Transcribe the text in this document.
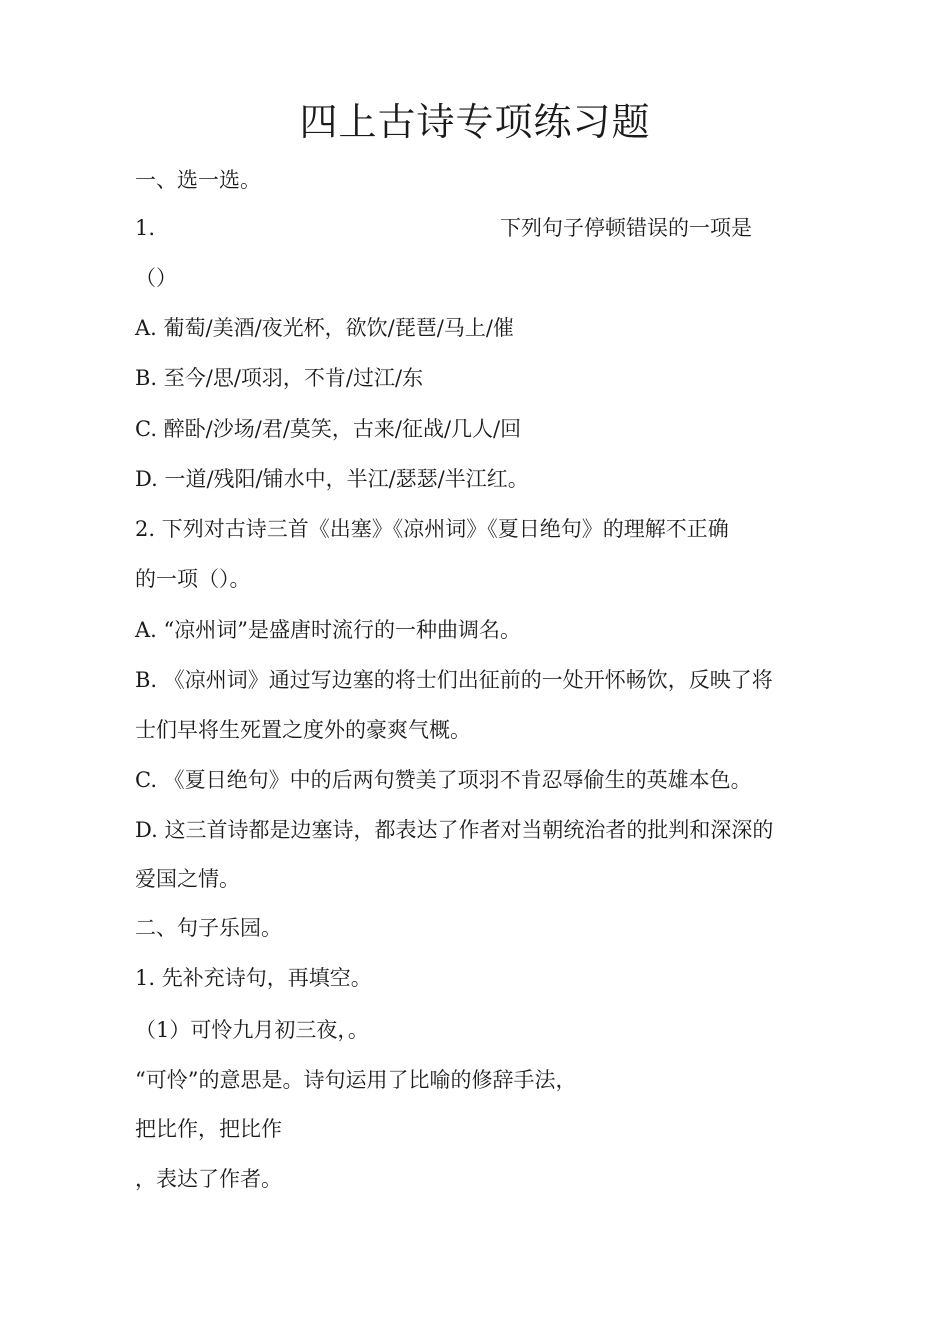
四上古诗专项练习题
一、选一选。
1.	下列句子停顿错误的一项是
（）
A. 葡萄/美酒/夜光杯，欲饮/琵琶/马上/催
B. 至今/思/项羽，不肯/过江/东
C. 醉卧/沙场/君/莫笑，古来/征战/几人/回
D. 一道/残阳/铺水中，半江/瑟瑟/半江红。
2. 下列对古诗三首《出塞》《凉州词》《夏日绝句》的理解不正确
的一项（）。
A. “凉州词”是盛唐时流行的一种曲调名。
B. 《凉州词》通过写边塞的将士们出征前的一处开怀畅饮，反映了将
士们早将生死置之度外的豪爽气概。
C. 《夏日绝句》中的后两句赞美了项羽不肯忍辱偷生的英雄本色。
D. 这三首诗都是边塞诗，都表达了作者对当朝统治者的批判和深深的
爱国之情。
二、句子乐园。
1. 先补充诗句，再填空。
（1）可怜九月初三夜，。
“可怜”的意思是。诗句运用了比喻的修辞手法，
把比作，把比作
，表达了作者。
